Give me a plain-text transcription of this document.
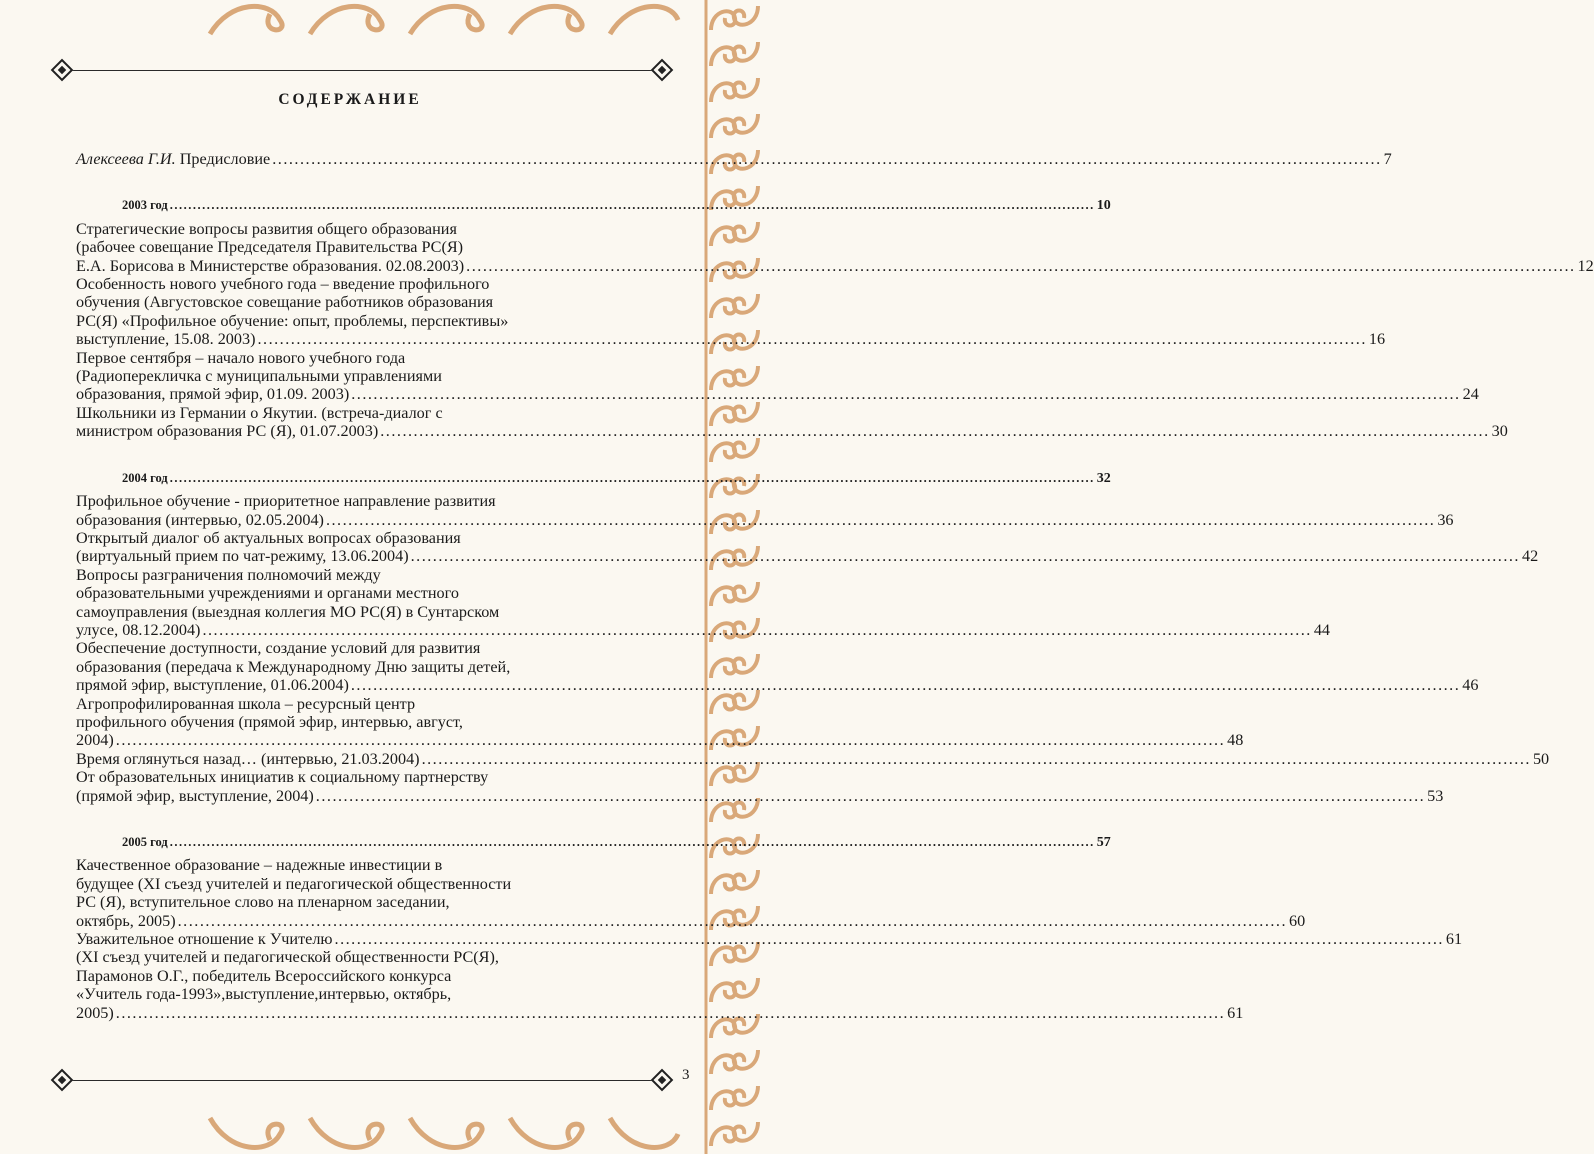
3
СОДЕРЖАНИЕ
Алексеева Г.И.
Предисловие ........................................................................................................................................................................................................ 7
2003 год ........................................................................................................................................................................................................ 10
Стратегические вопросы развития общего образования
(рабочее совещание Председателя Правительства РС(Я)
Е.А. Борисова в Министерстве образования. 02.08.2003) ........................................................................................................................................................................................................ 12
Особенность нового учебного года – введение профильного
обучения (Августовское совещание работников образования
РС(Я) «Профильное обучение: опыт, проблемы, перспективы»
выступление, 15.08. 2003) ........................................................................................................................................................................................................ 16
Первое сентября – начало нового учебного года
(Радиоперекличка с муниципальными управлениями
образования, прямой эфир, 01.09. 2003) ........................................................................................................................................................................................................ 24
Школьники из Германии о Якутии. (встреча-диалог с
министром образования РС (Я), 01.07.2003) ........................................................................................................................................................................................................ 30
2004 год ........................................................................................................................................................................................................ 32
Профильное обучение - приоритетное направление развития
образования (интервью, 02.05.2004) ........................................................................................................................................................................................................ 36
Открытый диалог об актуальных вопросах образования
(виртуальный прием по чат-режиму, 13.06.2004) ........................................................................................................................................................................................................ 42
Вопросы разграничения полномочий между
образовательными учреждениями и органами местного
самоуправления (выездная коллегия МО РС(Я) в Сунтарском
улусе, 08.12.2004) ........................................................................................................................................................................................................ 44
Обеспечение доступности, создание условий для развития
образования (передача к Международному Дню защиты детей,
прямой эфир, выступление, 01.06.2004) ........................................................................................................................................................................................................ 46
Агропрофилированная школа – ресурсный центр
профильного обучения (прямой эфир, интервью, август,
2004) ........................................................................................................................................................................................................ 48
Время оглянуться назад… (интервью, 21.03.2004) ........................................................................................................................................................................................................ 50
От образовательных инициатив к социальному партнерству
(прямой эфир, выступление, 2004) ........................................................................................................................................................................................................ 53
2005 год ........................................................................................................................................................................................................ 57
Качественное образование – надежные инвестиции в
будущее (XI съезд учителей и педагогической общественности
РС (Я), вступительное слово на пленарном заседании,
октябрь, 2005) ........................................................................................................................................................................................................ 60
Уважительное отношение к Учителю ........................................................................................................................................................................................................ 61
(XI съезд учителей и педагогической общественности РС(Я),
Парамонов О.Г., победитель Всероссийского конкурса
«Учитель года-1993»,выступление,интервью, октябрь,
2005) ........................................................................................................................................................................................................ 61
